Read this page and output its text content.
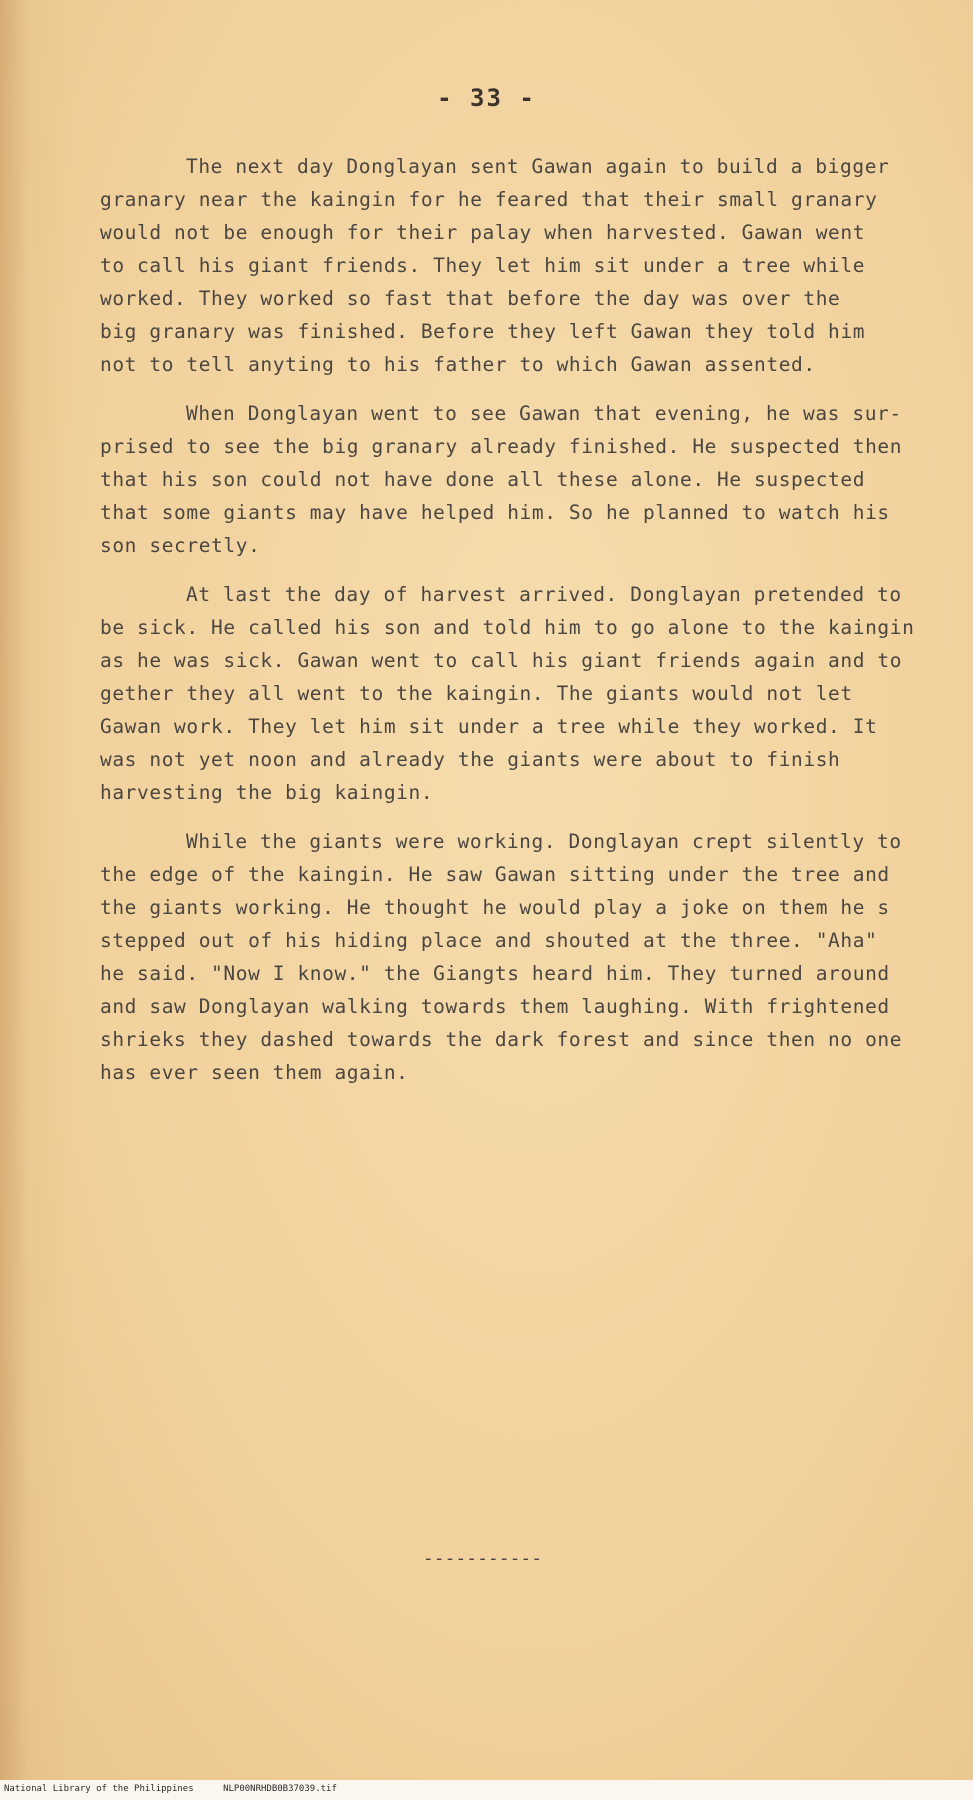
- 33 -
The next day Donglayan sent Gawan again to build a bigger
granary near the kaingin for he feared that their small granary
would not be enough for their palay when harvested. Gawan went
to call his giant friends. They let him sit under a tree while
worked. They worked so fast that before the day was over the
big granary was finished. Before they left Gawan they told him
not to tell anyting to his father to which Gawan assented.
When Donglayan went to see Gawan that evening, he was sur-
prised to see the big granary already finished. He suspected then
that his son could not have done all these alone. He suspected
that some giants may have helped him. So he planned to watch his
son secretly.
At last the day of harvest arrived. Donglayan pretended to
be sick. He called his son and told him to go alone to the kaingin
as he was sick. Gawan went to call his giant friends again and to
gether they all went to the kaingin. The giants would not let
Gawan work. They let him sit under a tree while they worked. It
was not yet noon and already the giants were about to finish
harvesting the big kaingin.
While the giants were working. Donglayan crept silently to
the edge of the kaingin. He saw Gawan sitting under the tree and
the giants working. He thought he would play a joke on them he s
stepped out of his hiding place and shouted at the three. "Aha"
he said. "Now I know." the Giangts heard him. They turned around
and saw Donglayan walking towards them laughing. With frightened
shrieks they dashed towards the dark forest and since then no one
has ever seen them again.
-----------
National Library of the Philippines	NLP00NRHDB0B37039.tif
